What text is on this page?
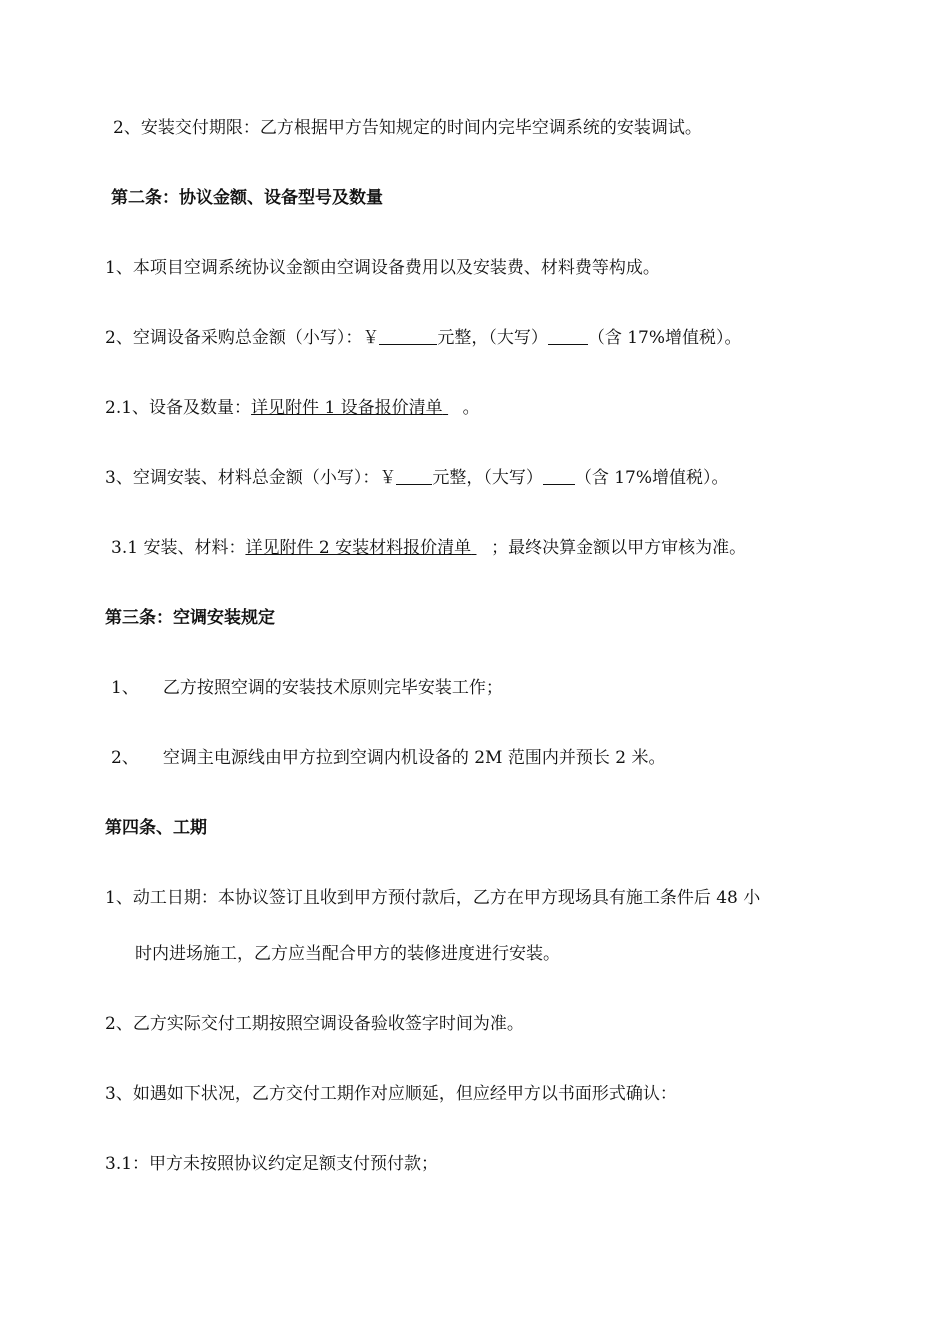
2、安装交付期限：乙方根据甲方告知规定的时间内完毕空调系统的安装调试。
第二条：协议金额、设备型号及数量
1、本项目空调系统协议金额由空调设备费用以及安装费、材料费等构成。
2、空调设备采购总金额（小写）：￥	元整，（大写） （含 17%增值税）。
2.1、设备及数量：详见附件 1 设备报价清单 。
3、空调安装、材料总金额（小写）：￥ 元整，（大写） （含 17%增值税）。
3.1 安装、材料：详见附件 2 安装材料报价清单 ；最终决算金额以甲方审核为准。
第三条：空调安装规定
1、 乙方按照空调的安装技术原则完毕安装工作；
2、 空调主电源线由甲方拉到空调内机设备的 2M 范围内并预长 2 米。
第四条、工期
1、动工日期：本协议签订且收到甲方预付款后，乙方在甲方现场具有施工条件后 48 小
时内进场施工，乙方应当配合甲方的装修进度进行安装。
2、乙方实际交付工期按照空调设备验收签字时间为准。
3、如遇如下状况，乙方交付工期作对应顺延，但应经甲方以书面形式确认：
3.1：甲方未按照协议约定足额支付预付款；
